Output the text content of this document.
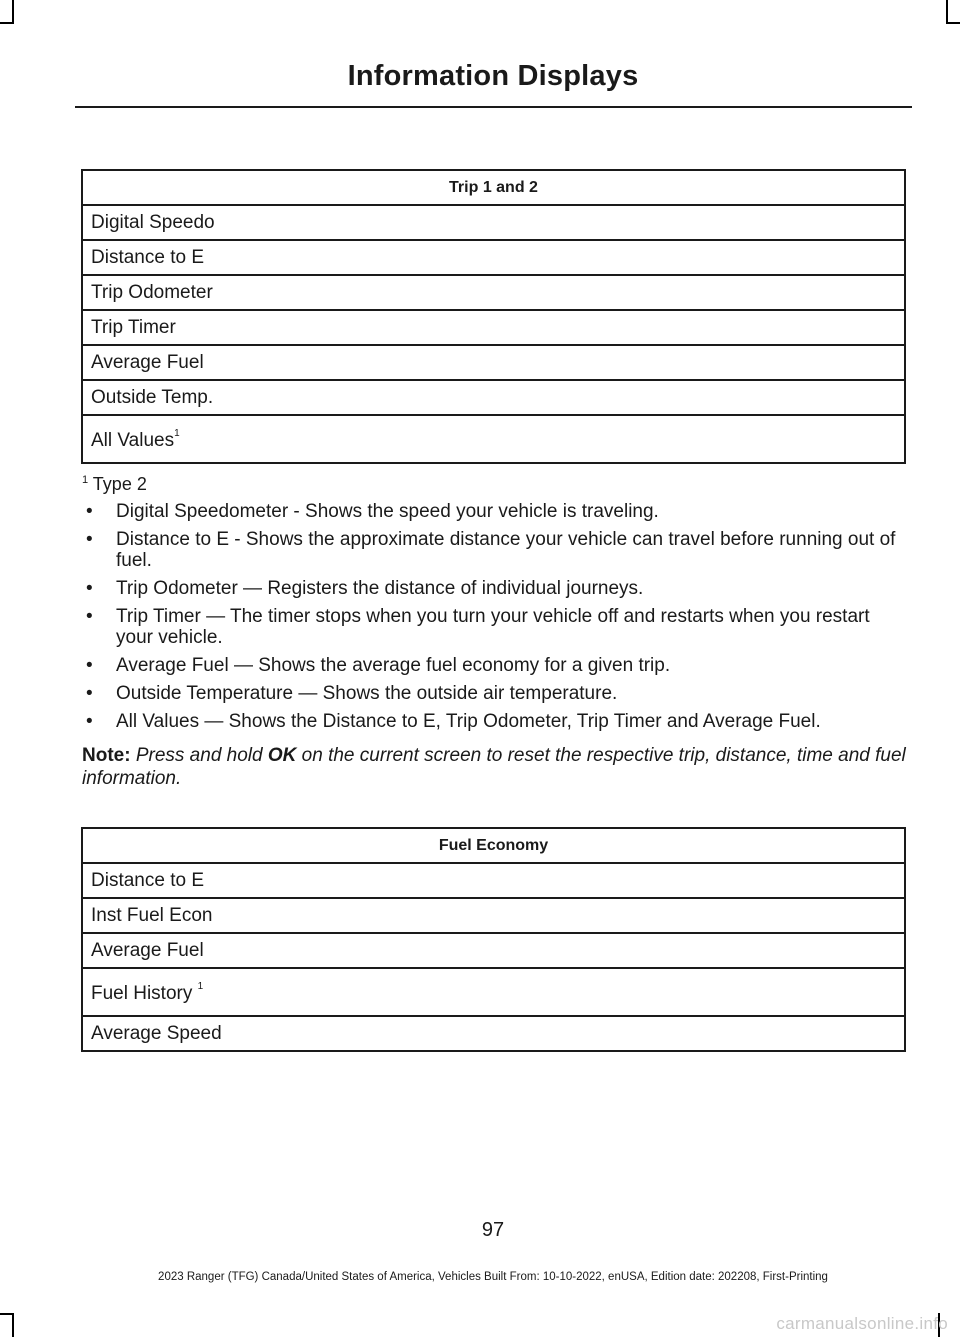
Information Displays
Trip 1 and 2
Digital Speedo
Distance to E
Trip Odometer
Trip Timer
Average Fuel
Outside Temp.
All Values$^1$
$^1$ Type 2
• Digital Speedometer - Shows the speed your vehicle is traveling.
• Distance to E - Shows the approximate distance your vehicle can travel before running out of fuel.
• Trip Odometer — Registers the distance of individual journeys.
• Trip Timer — The timer stops when you turn your vehicle off and restarts when you restart your vehicle.
• Average Fuel — Shows the average fuel economy for a given trip.
• Outside Temperature — Shows the outside air temperature.
• All Values — Shows the Distance to E, Trip Odometer, Trip Timer and Average Fuel.
Note: Press and hold OK on the current screen to reset the respective trip, distance, time and fuel information.
Fuel Economy
Distance to E
Inst Fuel Econ
Average Fuel
Fuel History $^1$
Average Speed
97
2023 Ranger (TFG) Canada/United States of America, Vehicles Built From: 10-10-2022, enUSA, Edition date: 202208, First-Printing
carmanualsonline.info
